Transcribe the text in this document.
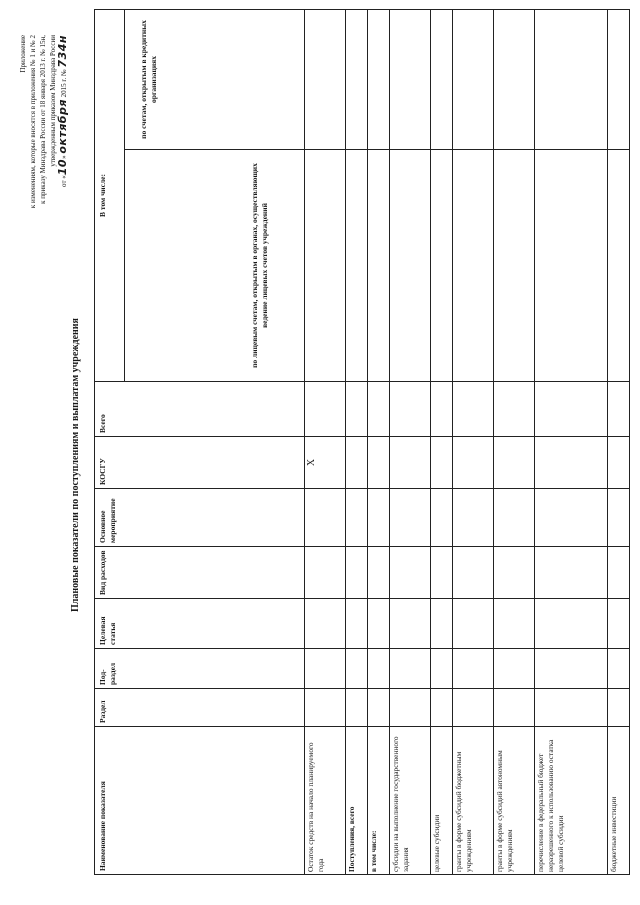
Приложение к изменениям, которые вносятся в приложения № 1 и № 2 к приказу Минздрава России от 18 января 2013 г. № 15н, утвержденным приказом Минздрава России
от «10» октября 2015 г. № 734н
Плановые показатели по поступлениям и выплатам учреждения
Наименование показателя	Раздел	Под-раздел	Целевая статья	Вид расходов	Основное мероприятие	КОСГУ	Всего	В том числе:	
								по лицевым счетам, открытым в органах, осуществляющих ведение лицевых счетов учреждений	по счетам, открытым в кредитных организациях
Остаток средств на начало планируемого года						Х			
Поступления, всего									
в том числе:									
субсидии на выполнение государственного задания									
целевые субсидии									
гранты в форме субсидий бюджетным учреждениям									
гранты в форме субсидий автономным учреждениям									
перечисление в федеральный бюджет неразрешенного к использованию остатка целевой субсидии									
бюджетные инвестиции									
